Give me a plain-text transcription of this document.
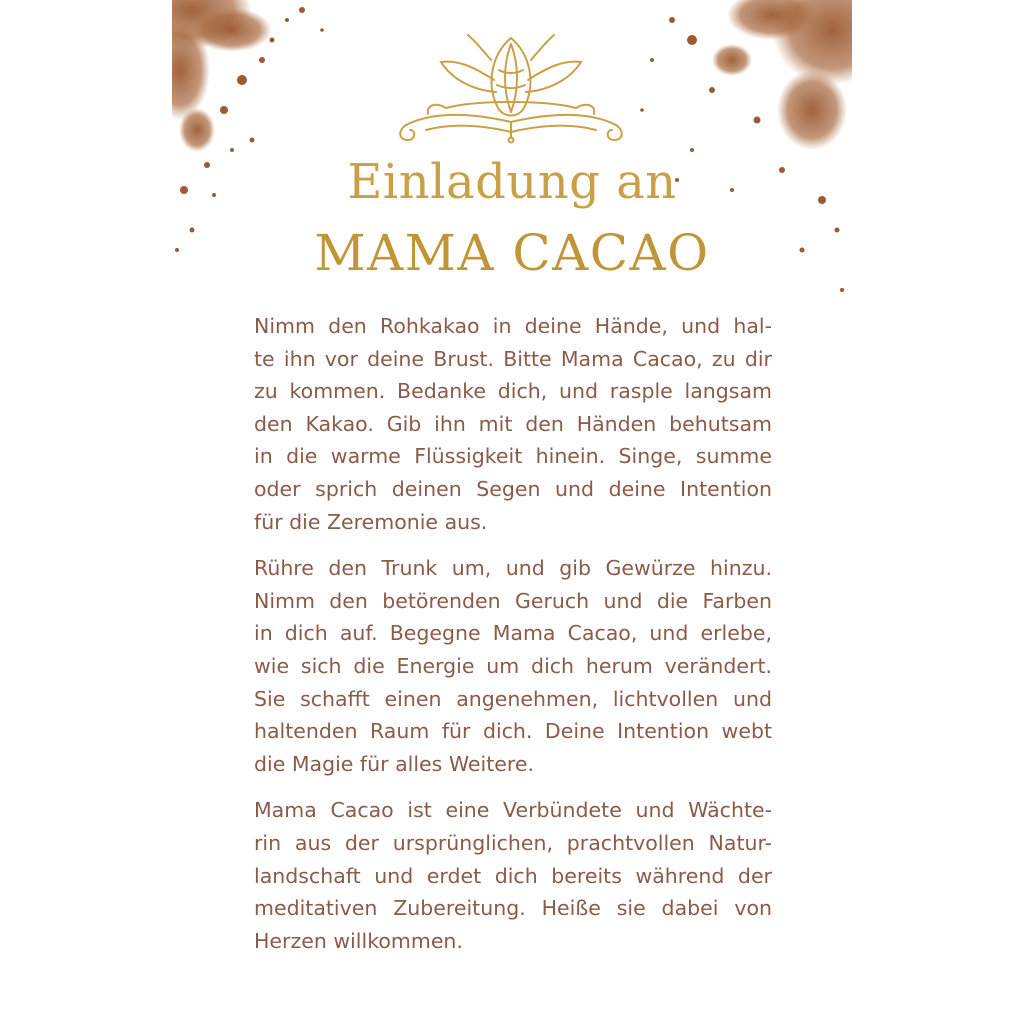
Einladung an
MAMA CACAO

Nimm den Rohkakao in deine Hände, und hal-
te ihn vor deine Brust. Bitte Mama Cacao, zu dir
zu kommen. Bedanke dich, und rasple langsam
den Kakao. Gib ihn mit den Händen behutsam
in die warme Flüssigkeit hinein. Singe, summe
oder sprich deinen Segen und deine Intention
für die Zeremonie aus.

Rühre den Trunk um, und gib Gewürze hinzu.
Nimm den betörenden Geruch und die Farben
in dich auf. Begegne Mama Cacao, und erlebe,
wie sich die Energie um dich herum verändert.
Sie schafft einen angenehmen, lichtvollen und
haltenden Raum für dich. Deine Intention webt
die Magie für alles Weitere.

Mama Cacao ist eine Verbündete und Wächte-
rin aus der ursprünglichen, prachtvollen Natur-
landschaft und erdet dich bereits während der
meditativen Zubereitung. Heiße sie dabei von
Herzen willkommen.
